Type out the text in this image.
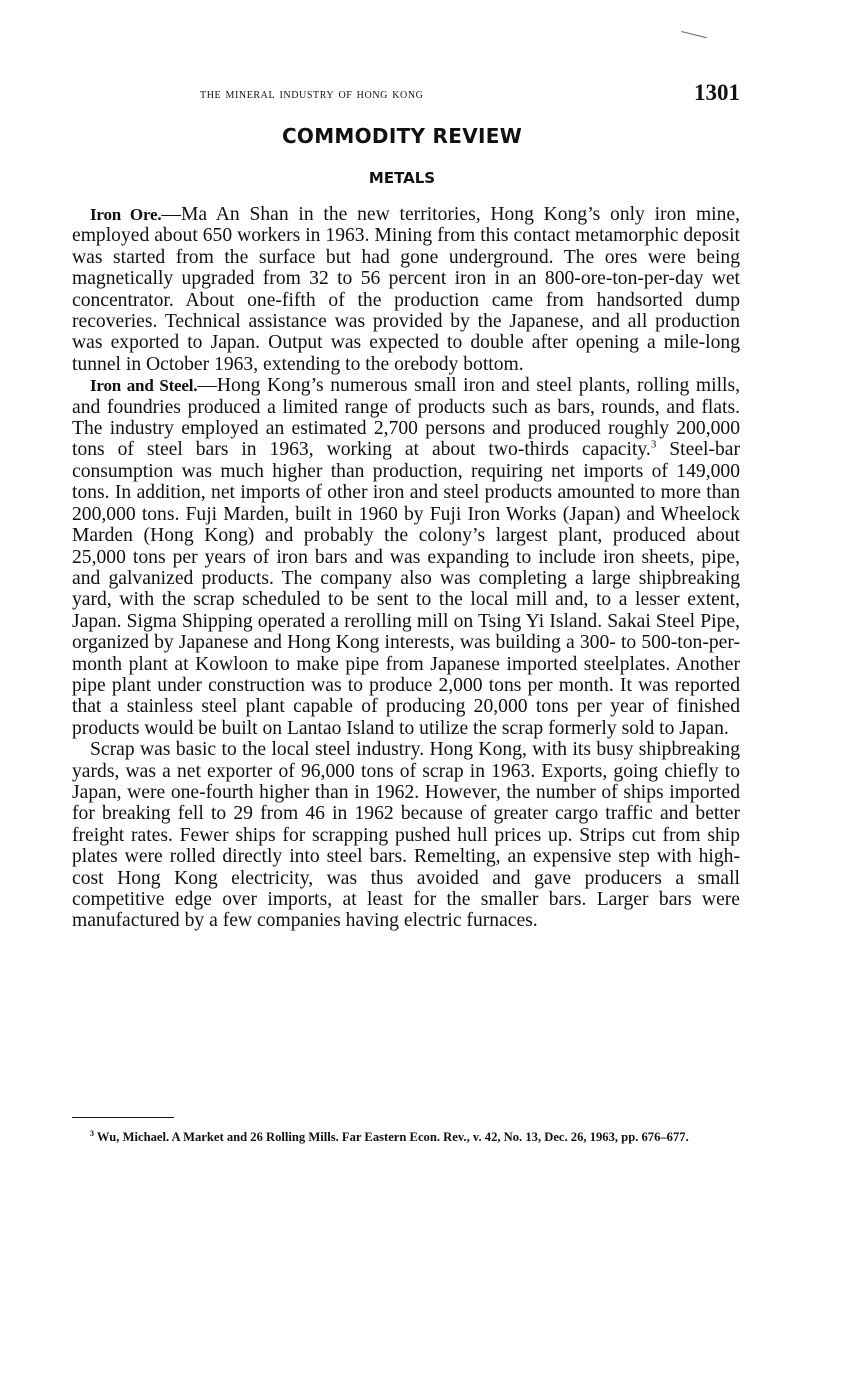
the mineral industry of hong kong	1301
COMMODITY REVIEW
METALS

Iron Ore.—Ma An Shan in the new territories, Hong Kong’s only iron mine, employed about 650 workers in 1963. Mining from this contact metamorphic deposit was started from the surface but had gone underground. The ores were being magnetically upgraded from 32 to 56 percent iron in an 800-ore-ton-per-day wet concentrator. About one-fifth of the production came from handsorted dump recoveries. Technical assistance was provided by the Japanese, and all production was exported to Japan. Output was expected to double after opening a mile-long tunnel in October 1963, extending to the orebody bottom.

Iron and Steel.—Hong Kong’s numerous small iron and steel plants, rolling mills, and foundries produced a limited range of products such as bars, rounds, and flats. The industry employed an estimated 2,700 persons and produced roughly 200,000 tons of steel bars in 1963, working at about two-thirds capacity.$^3$ Steel-bar consumption was much higher than production, requiring net imports of 149,000 tons. In addition, net imports of other iron and steel products amounted to more than 200,000 tons. Fuji Marden, built in 1960 by Fuji Iron Works (Japan) and Wheelock Marden (Hong Kong) and probably the colony’s largest plant, produced about 25,000 tons per years of iron bars and was expanding to include iron sheets, pipe, and galvanized products. The company also was completing a large shipbreaking yard, with the scrap scheduled to be sent to the local mill and, to a lesser extent, Japan. Sigma Shipping operated a rerolling mill on Tsing Yi Island. Sakai Steel Pipe, organized by Japanese and Hong Kong interests, was building a 300- to 500-ton-per-month plant at Kowloon to make pipe from Japanese imported steelplates. Another pipe plant under construction was to produce 2,000 tons per month. It was reported that a stainless steel plant capable of producing 20,000 tons per year of finished products would be built on Lantao Island to utilize the scrap formerly sold to Japan.

Scrap was basic to the local steel industry. Hong Kong, with its busy shipbreaking yards, was a net exporter of 96,000 tons of scrap in 1963. Exports, going chiefly to Japan, were one-fourth higher than in 1962. However, the number of ships imported for breaking fell to 29 from 46 in 1962 because of greater cargo traffic and better freight rates. Fewer ships for scrapping pushed hull prices up. Strips cut from ship plates were rolled directly into steel bars. Remelting, an expensive step with high-cost Hong Kong electricity, was thus avoided and gave producers a small competitive edge over imports, at least for the smaller bars. Larger bars were manufactured by a few companies having electric furnaces.

$^3$ Wu, Michael. A Market and 26 Rolling Mills. Far Eastern Econ. Rev., v. 42, No. 13, Dec. 26, 1963, pp. 676–677.
